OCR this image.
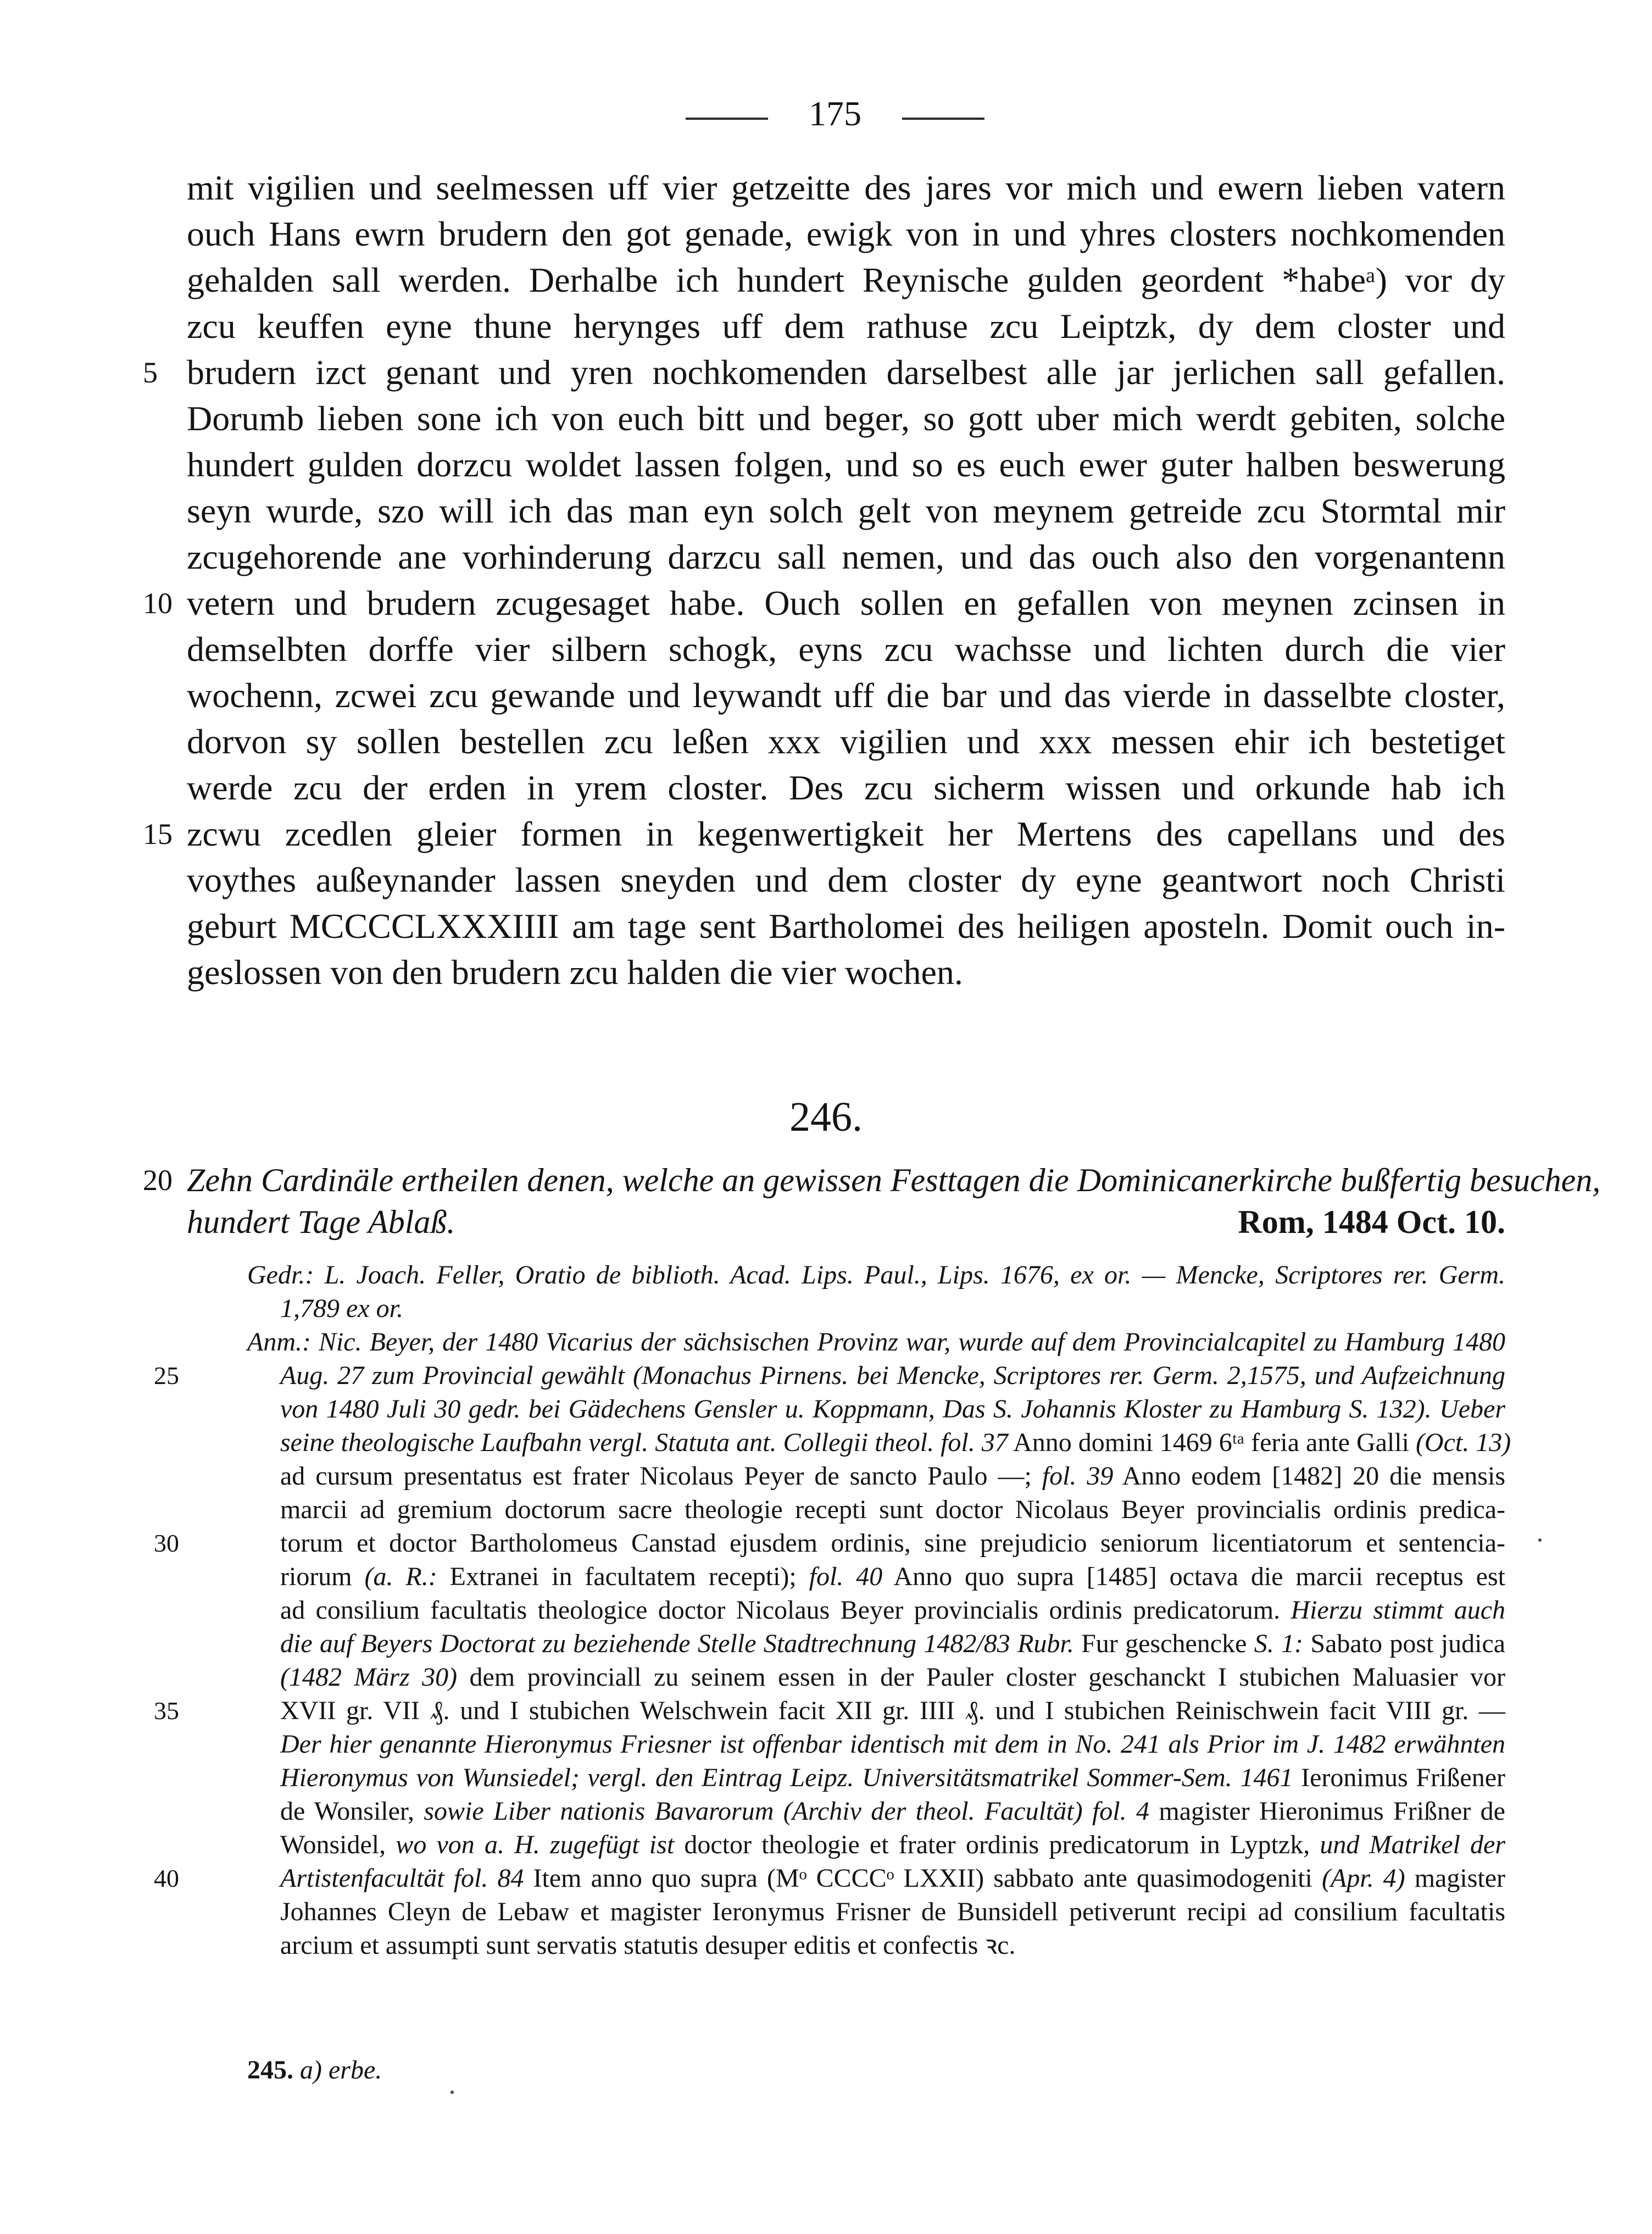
175
mit vigilien und seelmessen uff vier getzeitte des jares vor mich und ewern lieben vatern
ouch Hans ewrn brudern den got genade, ewigk von in und yhres closters nochkomenden
gehalden sall werden. Derhalbe ich hundert Reynische gulden geordent *habeᵃ) vor dy
zcu keuffen eyne thune herynges uff dem rathuse zcu Leiptzk, dy dem closter und
5 brudern izct genant und yren nochkomenden darselbest alle jar jerlichen sall gefallen.
Dorumb lieben sone ich von euch bitt und beger, so gott uber mich werdt gebiten, solche
hundert gulden dorzcu woldet lassen folgen, und so es euch ewer guter halben beswerung
seyn wurde, szo will ich das man eyn solch gelt von meynem getreide zcu Stormtal mir
zcugehorende ane vorhinderung darzcu sall nemen, und das ouch also den vorgenantenn
10 vetern und brudern zcugesaget habe. Ouch sollen en gefallen von meynen zcinsen in
demselbten dorffe vier silbern schogk, eyns zcu wachsse und lichten durch die vier
wochenn, zcwei zcu gewande und leywandt uff die bar und das vierde in dasselbte closter,
dorvon sy sollen bestellen zcu leßen xxx vigilien und xxx messen ehir ich bestetiget
werde zcu der erden in yrem closter. Des zcu sicherm wissen und orkunde hab ich
15 zcwu zcedlen gleier formen in kegenwertigkeit her Mertens des capellans und des
voythes außeynander lassen sneyden und dem closter dy eyne geantwort noch Christi
geburt MCCCCLXXXIIII am tage sent Bartholomei des heiligen aposteln. Domit ouch in-
geslossen von den brudern zcu halden die vier wochen.
246.
20 Zehn Cardinäle ertheilen denen, welche an gewissen Festtagen die Dominicanerkirche bußfertig besuchen,
hundert Tage Ablaß.	Rom, 1484 Oct. 10.
Gedr.: L. Joach. Feller, Oratio de biblioth. Acad. Lips. Paul., Lips. 1676, ex or. — Mencke, Scriptores rer. Germ.
1,789 ex or.
Anm.: Nic. Beyer, der 1480 Vicarius der sächsischen Provinz war, wurde auf dem Provincialcapitel zu Hamburg 1480
25	Aug. 27 zum Provincial gewählt (Monachus Pirnens. bei Mencke, Scriptores rer. Germ. 2,1575, und Aufzeichnung
von 1480 Juli 30 gedr. bei Gädechens Gensler u. Koppmann, Das S. Johannis Kloster zu Hamburg S. 132). Ueber
seine theologische Laufbahn vergl. Statuta ant. Collegii theol. fol. 37 Anno domini 1469 6ᵗᵃ feria ante Galli (Oct. 13)
ad cursum presentatus est frater Nicolaus Peyer de sancto Paulo —; fol. 39 Anno eodem [1482] 20 die mensis
marcii ad gremium doctorum sacre theologie recepti sunt doctor Nicolaus Beyer provincialis ordinis predica-
30	torum et doctor Bartholomeus Canstad ejusdem ordinis, sine prejudicio seniorum licentiatorum et sentencia-
riorum (a. R.: Extranei in facultatem recepti); fol. 40 Anno quo supra [1485] octava die marcii receptus est
ad consilium facultatis theologice doctor Nicolaus Beyer provincialis ordinis predicatorum. Hierzu stimmt auch
die auf Beyers Doctorat zu beziehende Stelle Stadtrechnung 1482/83 Rubr. Fur geschencke S. 1: Sabato post judica
(1482 März 30) dem provinciall zu seinem essen in der Pauler closter geschanckt I stubichen Maluasier vor
35	XVII gr. VII ₰. und I stubichen Welschwein facit XII gr. IIII ₰. und I stubichen Reinischwein facit VIII gr. —
Der hier genannte Hieronymus Friesner ist offenbar identisch mit dem in No. 241 als Prior im J. 1482 erwähnten
Hieronymus von Wunsiedel; vergl. den Eintrag Leipz. Universitätsmatrikel Sommer-Sem. 1461 Ieronimus Frißener
de Wonsiler, sowie Liber nationis Bavarorum (Archiv der theol. Facultät) fol. 4 magister Hieronimus Frißner de
Wonsidel, wo von a. H. zugefügt ist doctor theologie et frater ordinis predicatorum in Lyptzk, und Matrikel der
40	Artistenfacultät fol. 84 Item anno quo supra (Mᵒ CCCCᵒ LXXII) sabbato ante quasimodogeniti (Apr. 4) magister
Johannes Cleyn de Lebaw et magister Ieronymus Frisner de Bunsidell petiverunt recipi ad consilium facultatis
arcium et assumpti sunt servatis statutis desuper editis et confectis ꝛc.
245. a) erbe.
